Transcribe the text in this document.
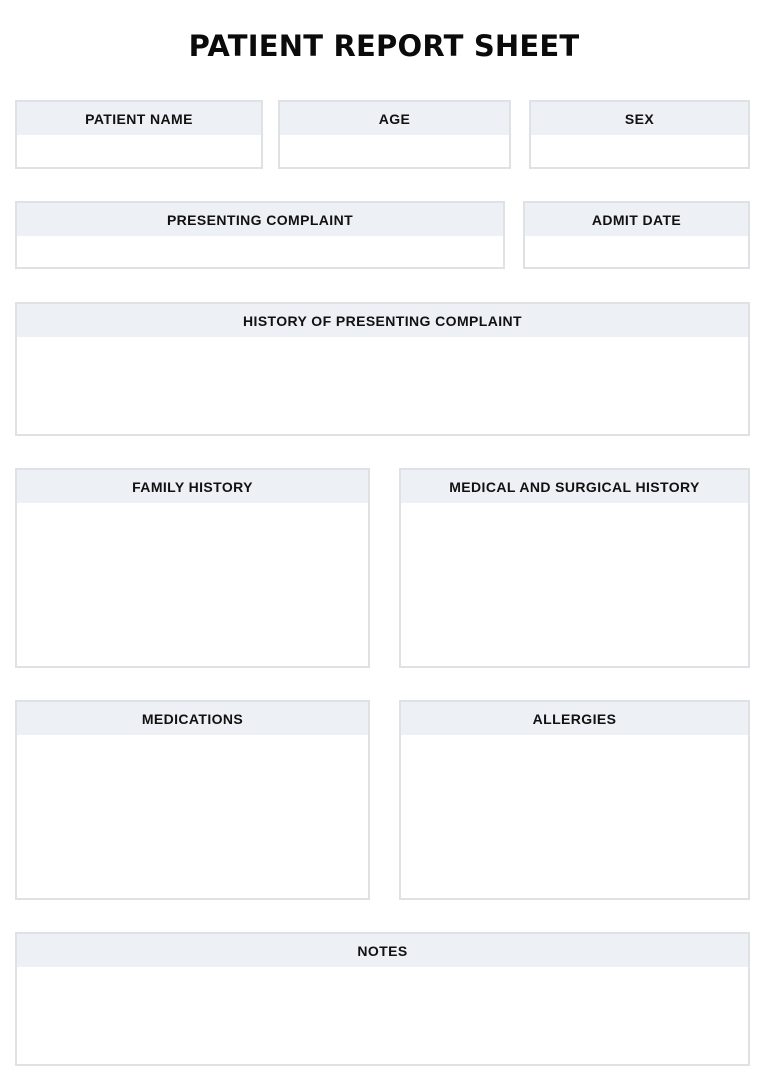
PATIENT REPORT SHEET
PATIENT NAME	AGE	SEX
PRESENTING COMPLAINT	ADMIT DATE
HISTORY OF PRESENTING COMPLAINT
FAMILY HISTORY	MEDICAL AND SURGICAL HISTORY
MEDICATIONS	ALLERGIES
NOTES
